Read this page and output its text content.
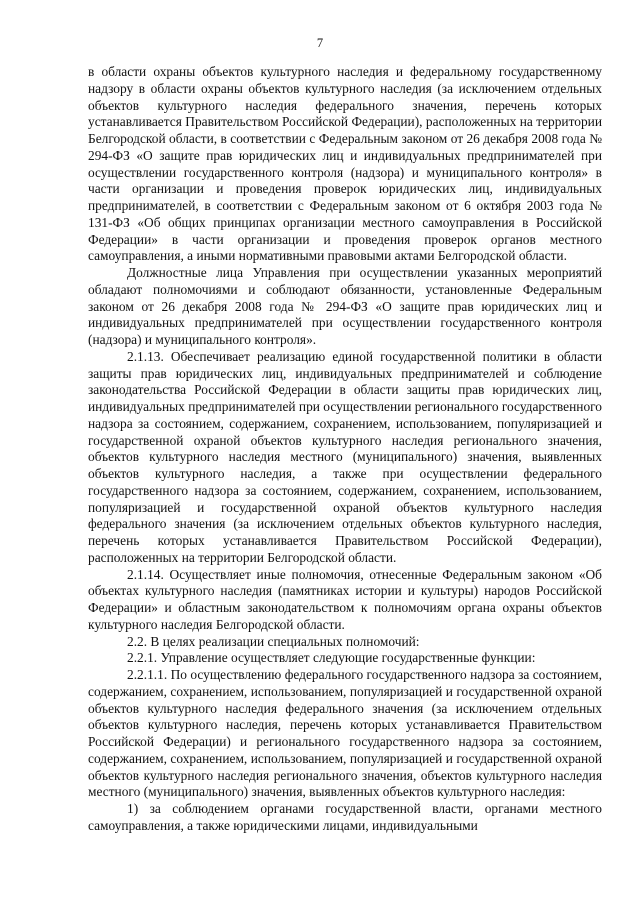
7

в области охраны объектов культурного наследия и федеральному государственному надзору в области охраны объектов культурного наследия (за исключением отдельных объектов культурного наследия федерального значения, перечень которых устанавливается Правительством Российской Федерации), расположенных на территории Белгородской области, в соответствии с Федеральным законом от 26 декабря 2008 года № 294-ФЗ «О защите прав юридических лиц и индивидуальных предпринимателей при осуществлении государственного контроля (надзора) и муниципального контроля» в части организации и проведения проверок юридических лиц, индивидуальных предпринимателей, в соответствии с Федеральным законом от 6 октября 2003 года № 131-ФЗ «Об общих принципах организации местного самоуправления в Российской Федерации» в части организации и проведения проверок органов местного самоуправления, а иными нормативными правовыми актами Белгородской области.

Должностные лица Управления при осуществлении указанных мероприятий обладают полномочиями и соблюдают обязанности, установленные Федеральным законом от 26 декабря 2008 года № 294-ФЗ «О защите прав юридических лиц и индивидуальных предпринимателей при осуществлении государственного контроля (надзора) и муниципального контроля».

2.1.13. Обеспечивает реализацию единой государственной политики в области защиты прав юридических лиц, индивидуальных предпринимателей и соблюдение законодательства Российской Федерации в области защиты прав юридических лиц, индивидуальных предпринимателей при осуществлении регионального государственного надзора за состоянием, содержанием, сохранением, использованием, популяризацией и государственной охраной объектов культурного наследия регионального значения, объектов культурного наследия местного (муниципального) значения, выявленных объектов культурного наследия, а также при осуществлении федерального государственного надзора за состоянием, содержанием, сохранением, использованием, популяризацией и государственной охраной объектов культурного наследия федерального значения (за исключением отдельных объектов культурного наследия, перечень которых устанавливается Правительством Российской Федерации), расположенных на территории Белгородской области.

2.1.14. Осуществляет иные полномочия, отнесенные Федеральным законом «Об объектах культурного наследия (памятниках истории и культуры) народов Российской Федерации» и областным законодательством к полномочиям органа охраны объектов культурного наследия Белгородской области.

2.2. В целях реализации специальных полномочий:

2.2.1. Управление осуществляет следующие государственные функции:

2.2.1.1. По осуществлению федерального государственного надзора за состоянием, содержанием, сохранением, использованием, популяризацией и государственной охраной объектов культурного наследия федерального значения (за исключением отдельных объектов культурного наследия, перечень которых устанавливается Правительством Российской Федерации) и регионального государственного надзора за состоянием, содержанием, сохранением, использованием, популяризацией и государственной охраной объектов культурного наследия регионального значения, объектов культурного наследия местного (муниципального) значения, выявленных объектов культурного наследия:

1) за соблюдением органами государственной власти, органами местного самоуправления, а также юридическими лицами, индивидуальными
